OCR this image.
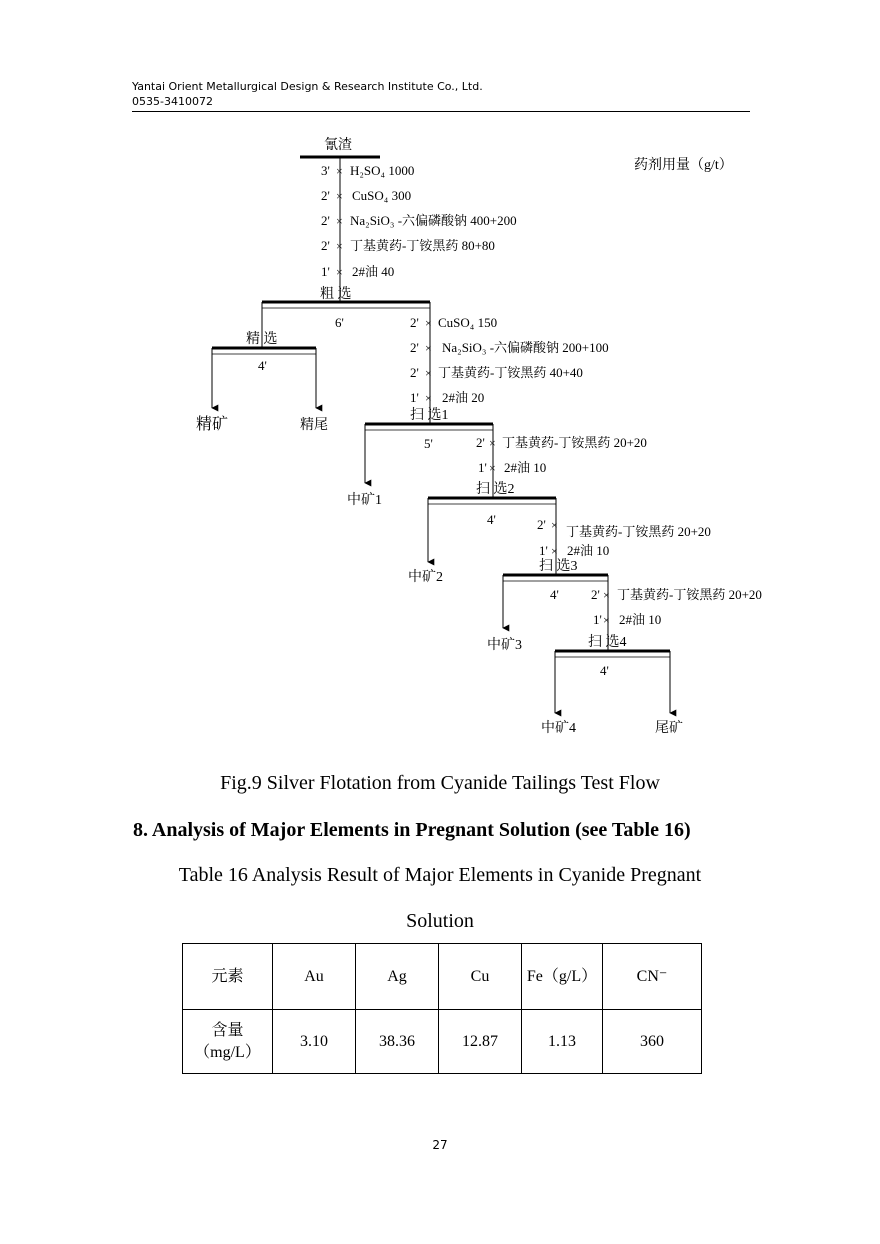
Yantai Orient Metallurgical Design & Research Institute Co., Ltd.
0535-3410072
氰渣
药剂用量（g/t）
3' × H₂SO₄ 1000
2' × CuSO₄ 300
2' × Na₂SiO₃ -六偏磷酸钠 400+200
2' × 丁基黄药-丁铵黑药 80+80
1' × 2#油 40
粗 选
6'
精 选
4'
精矿	精尾
2' × CuSO₄ 150
2' × Na₂SiO₃ -六偏磷酸钠 200+100
2' × 丁基黄药-丁铵黑药 40+40
1' × 2#油 20
扫 选1
5'
中矿1
2' × 丁基黄药-丁铵黑药 20+20
1' × 2#油 10
扫 选2
4'
中矿2
2' × 丁基黄药-丁铵黑药 20+20
1' × 2#油 10
扫 选3
4'
中矿3
2' × 丁基黄药-丁铵黑药 20+20
1' × 2#油 10
扫 选4
4'
中矿4	尾矿
Fig.9 Silver Flotation from Cyanide Tailings Test Flow
8. Analysis of Major Elements in Pregnant Solution (see Table 16)
Table 16 Analysis Result of Major Elements in Cyanide Pregnant
Solution
元素	Au	Ag	Cu	Fe（g/L）	CN⁻

含量
（mg/L）	3.10	38.36	12.87	1.13	360
27
